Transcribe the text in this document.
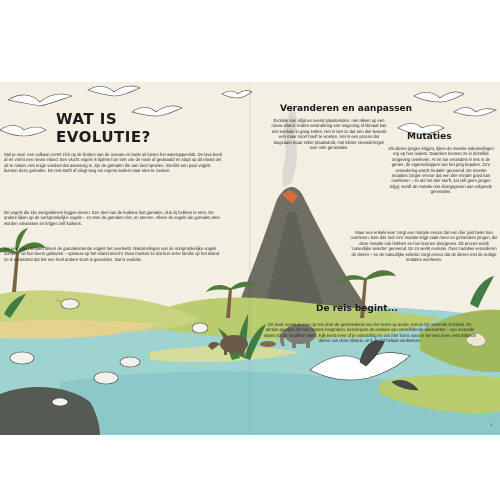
WAT IS EVOLUTIE?

Stel je voor: een vulkaan vormt zich op de bodem van de oceaan en barst uit boven het wateroppervlak. De lava koelt af en vormt een nieuw eiland. Een vlucht vogels is tijdens hun trek van de route af gedwaald en stopt op dit eiland om uit te rusten. Het enige voedsel dat aanwezig is, zijn de garnalen die aan land spoelen. Slechts een paar vogels kunnen deze garnalen. De rest sterft of vliegt weg om ergens anders naar eten te zoeken.

De vogels die zijn overgebleven leggen eieren. Een deel van de kuikens lust garnalen, dus zij hebben te eten. De andere lijken op de oorspronkelijke vogels – zo eten de garnalen niet, en sterven. Alleen de vogels die garnalen eten worden volwassen en krijgen zelf kuikens.

Na vele jaren hebben alleen de garnalenetende vogels het overleefd. Nakomelingen van de oorspronkelijke vogels komen – uit hun koers geblazen – opnieuw op het eiland terecht. Daar merken ze dat hun verre familie op het eiland zo is veranderd dat het een heel andere soort is geworden. Dat is evolutie.

Veranderen en aanpassen

Evolutie kan altijd en overal plaatsvinden, niet alleen op een nieuw eiland. Iedere verandering van omgeving of klimaat kan een evolutie in gang zetten. Het is niet zo dat een dier bewust een maar soort hoeft te worden. Het is een proces dat langzaam maar zeker plaatsvindt, met kleine veranderingen over vele generaties.

Mutaties

Als dieren jongen krijgen, lijken de meeste nakomelingen erg op hun ouders. Daardoor kunnen ze in dezelfde omgeving overleven. Af en toe verandert er iets in de genen, de eigenschappen van het jong bepalen. Zo'n verandering wordt 'mutatie' genoemd. De meeste mutaties zorgen ervoor dat een dier minder goed kan overleven – en als het dier sterft, zal zelf geen jongen krijgt, wordt de mutatie niet doorgegeven aan volgende generaties.

Maar een enkele keer zorgt een mutatie ervoor dat een dier juist beter kan overleven. Een dier met zo'n mutatie krijgt vaak meer en gezondere jongen, die deze mutatie ook hebben en hun kunnen doorgeven. Dit proces wordt 'natuurlijke selectie' genoemd. En zo werkt evolutie. Over mutaties veranderen de dieren – en de natuurlijke selectie zorgt ervoor dat de dieren met de nuttige mutaties overleven.

De reis begint...

Dit boek neemt je mee op reis door de geschiedenis van het leven op aarde, met al zijn vreemde kronkels. De dertien paadjes die hier worden besproken, beschrijven de evolutie van verschillende diersoorten – van vreemde vissen tot de moderne mens. Kijk eerst even of je voorzichtig en ons hier komt, want er kennen meer verschillende dieren van deze historie, al is de tijd helaas verdwenen.

3
